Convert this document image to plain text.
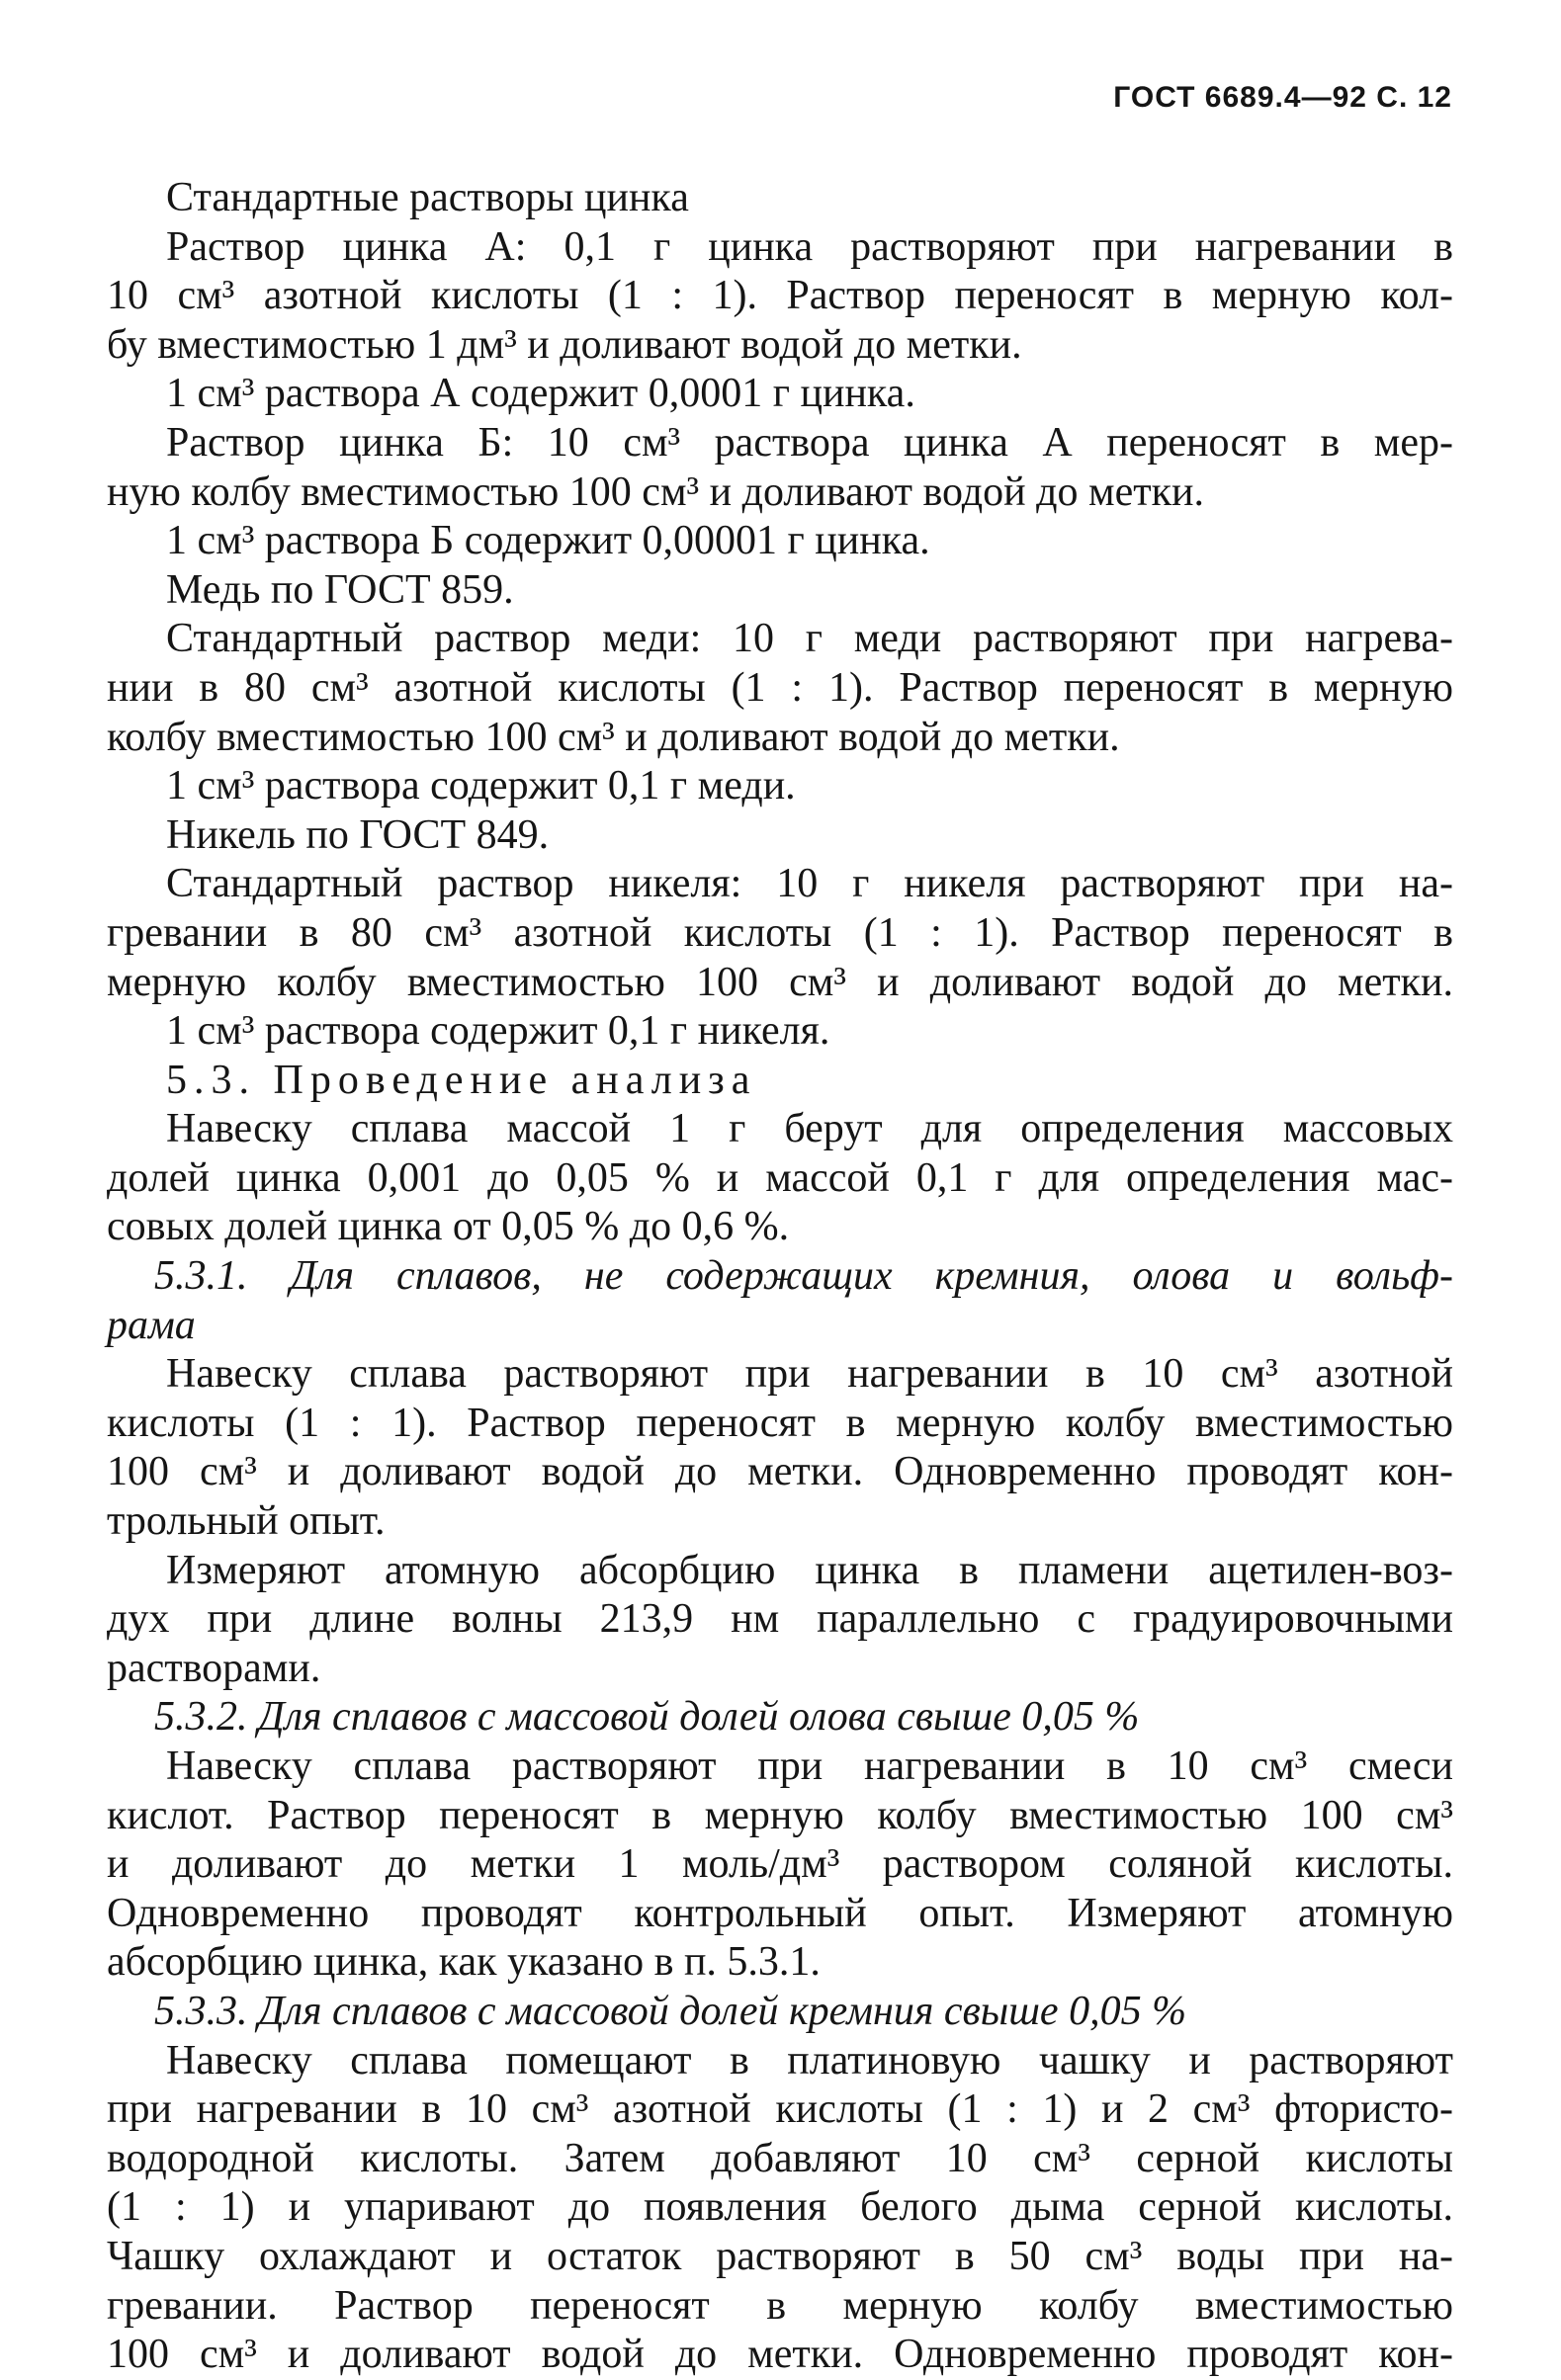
ГОСТ 6689.4—92 С. 12
Стандартные растворы цинка
Раствор цинка А: 0,1 г цинка растворяют при нагревании в
10 см³ азотной кислоты (1 : 1). Раствор переносят в мерную кол-
бу вместимостью 1 дм³ и доливают водой до метки.
1 см³ раствора А содержит 0,0001 г цинка.
Раствор цинка Б: 10 см³ раствора цинка А переносят в мер-
ную колбу вместимостью 100 см³ и доливают водой до метки.
1 см³ раствора Б содержит 0,00001 г цинка.
Медь по ГОСТ 859.
Стандартный раствор меди: 10 г меди растворяют при нагрева-
нии в 80 см³ азотной кислоты (1 : 1). Раствор переносят в мерную
колбу вместимостью 100 см³ и доливают водой до метки.
1 см³ раствора содержит 0,1 г меди.
Никель по ГОСТ 849.
Стандартный раствор никеля: 10 г никеля растворяют при на-
гревании в 80 см³ азотной кислоты (1 : 1). Раствор переносят в
мерную колбу вместимостью 100 см³ и доливают водой до метки.
1 см³ раствора содержит 0,1 г никеля.
5.3. Проведение анализа
Навеску сплава массой 1 г берут для определения массовых
долей цинка 0,001 до 0,05 % и массой 0,1 г для определения мас-
совых долей цинка от 0,05 % до 0,6 %.
5.3.1. Для сплавов, не содержащих кремния, олова и вольф-
рама
Навеску сплава растворяют при нагревании в 10 см³ азотной
кислоты (1 : 1). Раствор переносят в мерную колбу вместимостью
100 см³ и доливают водой до метки. Одновременно проводят кон-
трольный опыт.
Измеряют атомную абсорбцию цинка в пламени ацетилен-воз-
дух при длине волны 213,9 нм параллельно с градуировочными
растворами.
5.3.2. Для сплавов с массовой долей олова свыше 0,05 %
Навеску сплава растворяют при нагревании в 10 см³ смеси
кислот. Раствор переносят в мерную колбу вместимостью 100 см³
и доливают до метки 1 моль/дм³ раствором соляной кислоты.
Одновременно проводят контрольный опыт. Измеряют атомную
абсорбцию цинка, как указано в п. 5.3.1.
5.3.3. Для сплавов с массовой долей кремния свыше 0,05 %
Навеску сплава помещают в платиновую чашку и растворяют
при нагревании в 10 см³ азотной кислоты (1 : 1) и 2 см³ фтористо-
водородной кислоты. Затем добавляют 10 см³ серной кислоты
(1 : 1) и упаривают до появления белого дыма серной кислоты.
Чашку охлаждают и остаток растворяют в 50 см³ воды при на-
гревании. Раствор переносят в мерную колбу вместимостью
100 см³ и доливают водой до метки. Одновременно проводят кон-
